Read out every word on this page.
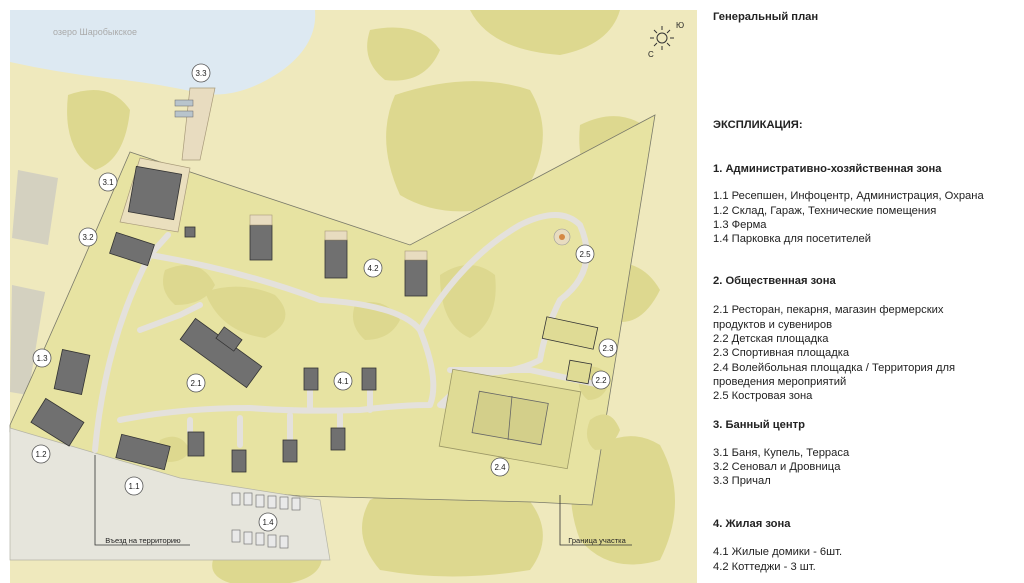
озеро Шаробыкское
Въезд на территорию	Граница участка
С
Ю
3.3
3.1
3.2
1.3
1.2
1.1
1.4
2.1
4.2
4.1
2.5
2.3
2.2
2.4
Генеральный план
ЭКСПЛИКАЦИЯ:
1. Административно-хозяйственная зона
1.1 Ресепшен, Инфоцентр, Администрация, Охрана
1.2 Склад, Гараж, Технические помещения
1.3 Ферма
1.4 Парковка для посетителей
2. Общественная зона
2.1 Ресторан, пекарня, магазин фермерских
продуктов и сувениров
2.2 Детская площадка
2.3 Спортивная площадка
2.4 Волейбольная площадка / Территория для
проведения мероприятий
2.5 Костровая зона
3. Банный центр
3.1 Баня, Купель, Терраса
3.2 Сеновал и Дровница
3.3 Причал
4. Жилая зона
4.1 Жилые домики - 6шт.
4.2 Коттеджи - 3 шт.
